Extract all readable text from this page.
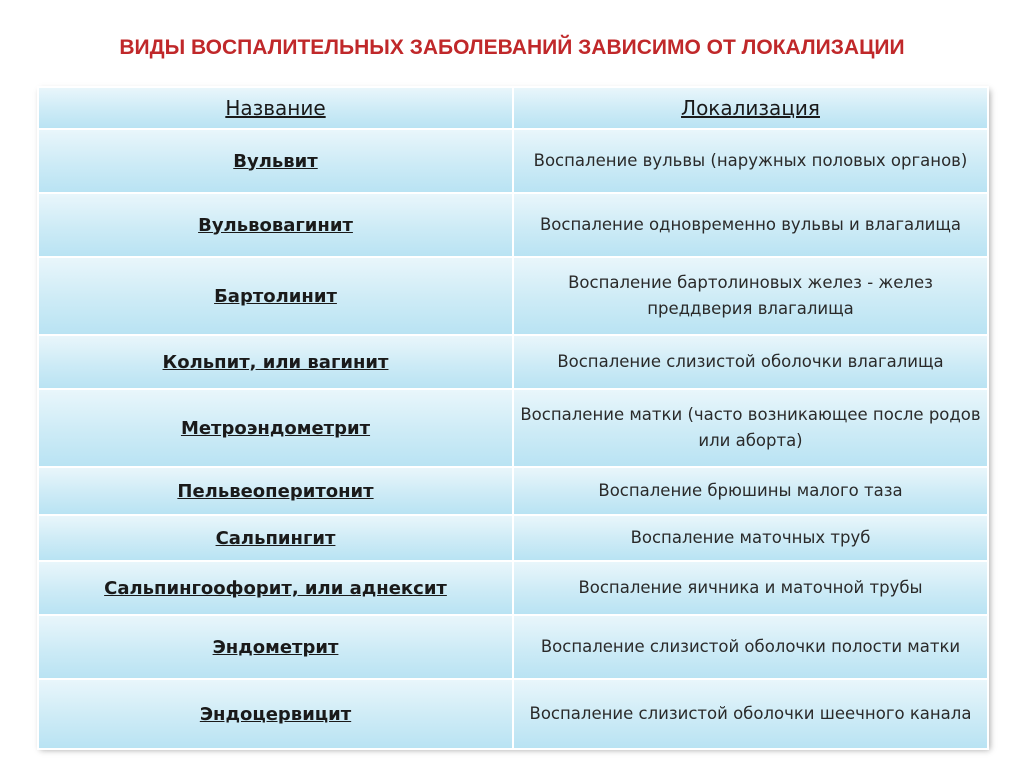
ВИДЫ ВОСПАЛИТЕЛЬНЫХ ЗАБОЛЕВАНИЙ ЗАВИСИМО ОТ ЛОКАЛИЗАЦИИ
Название	Локализация
Вульвит	Воспаление вульвы (наружных половых органов)
Вульвовагинит	Воспаление одновременно вульвы и влагалища
Бартолинит	Воспаление бартолиновых желез - желез преддверия влагалища
Кольпит, или вагинит	Воспаление слизистой оболочки влагалища
Метроэндометрит	Воспаление матки (часто возникающее после родов или аборта)
Пельвеоперитонит	Воспаление брюшины малого таза
Сальпингит	Воспаление маточных труб
Сальпингоофорит, или аднексит	Воспаление яичника и маточной трубы
Эндометрит	Воспаление слизистой оболочки полости матки
Эндоцервицит	Воспаление слизистой оболочки шеечного канала
